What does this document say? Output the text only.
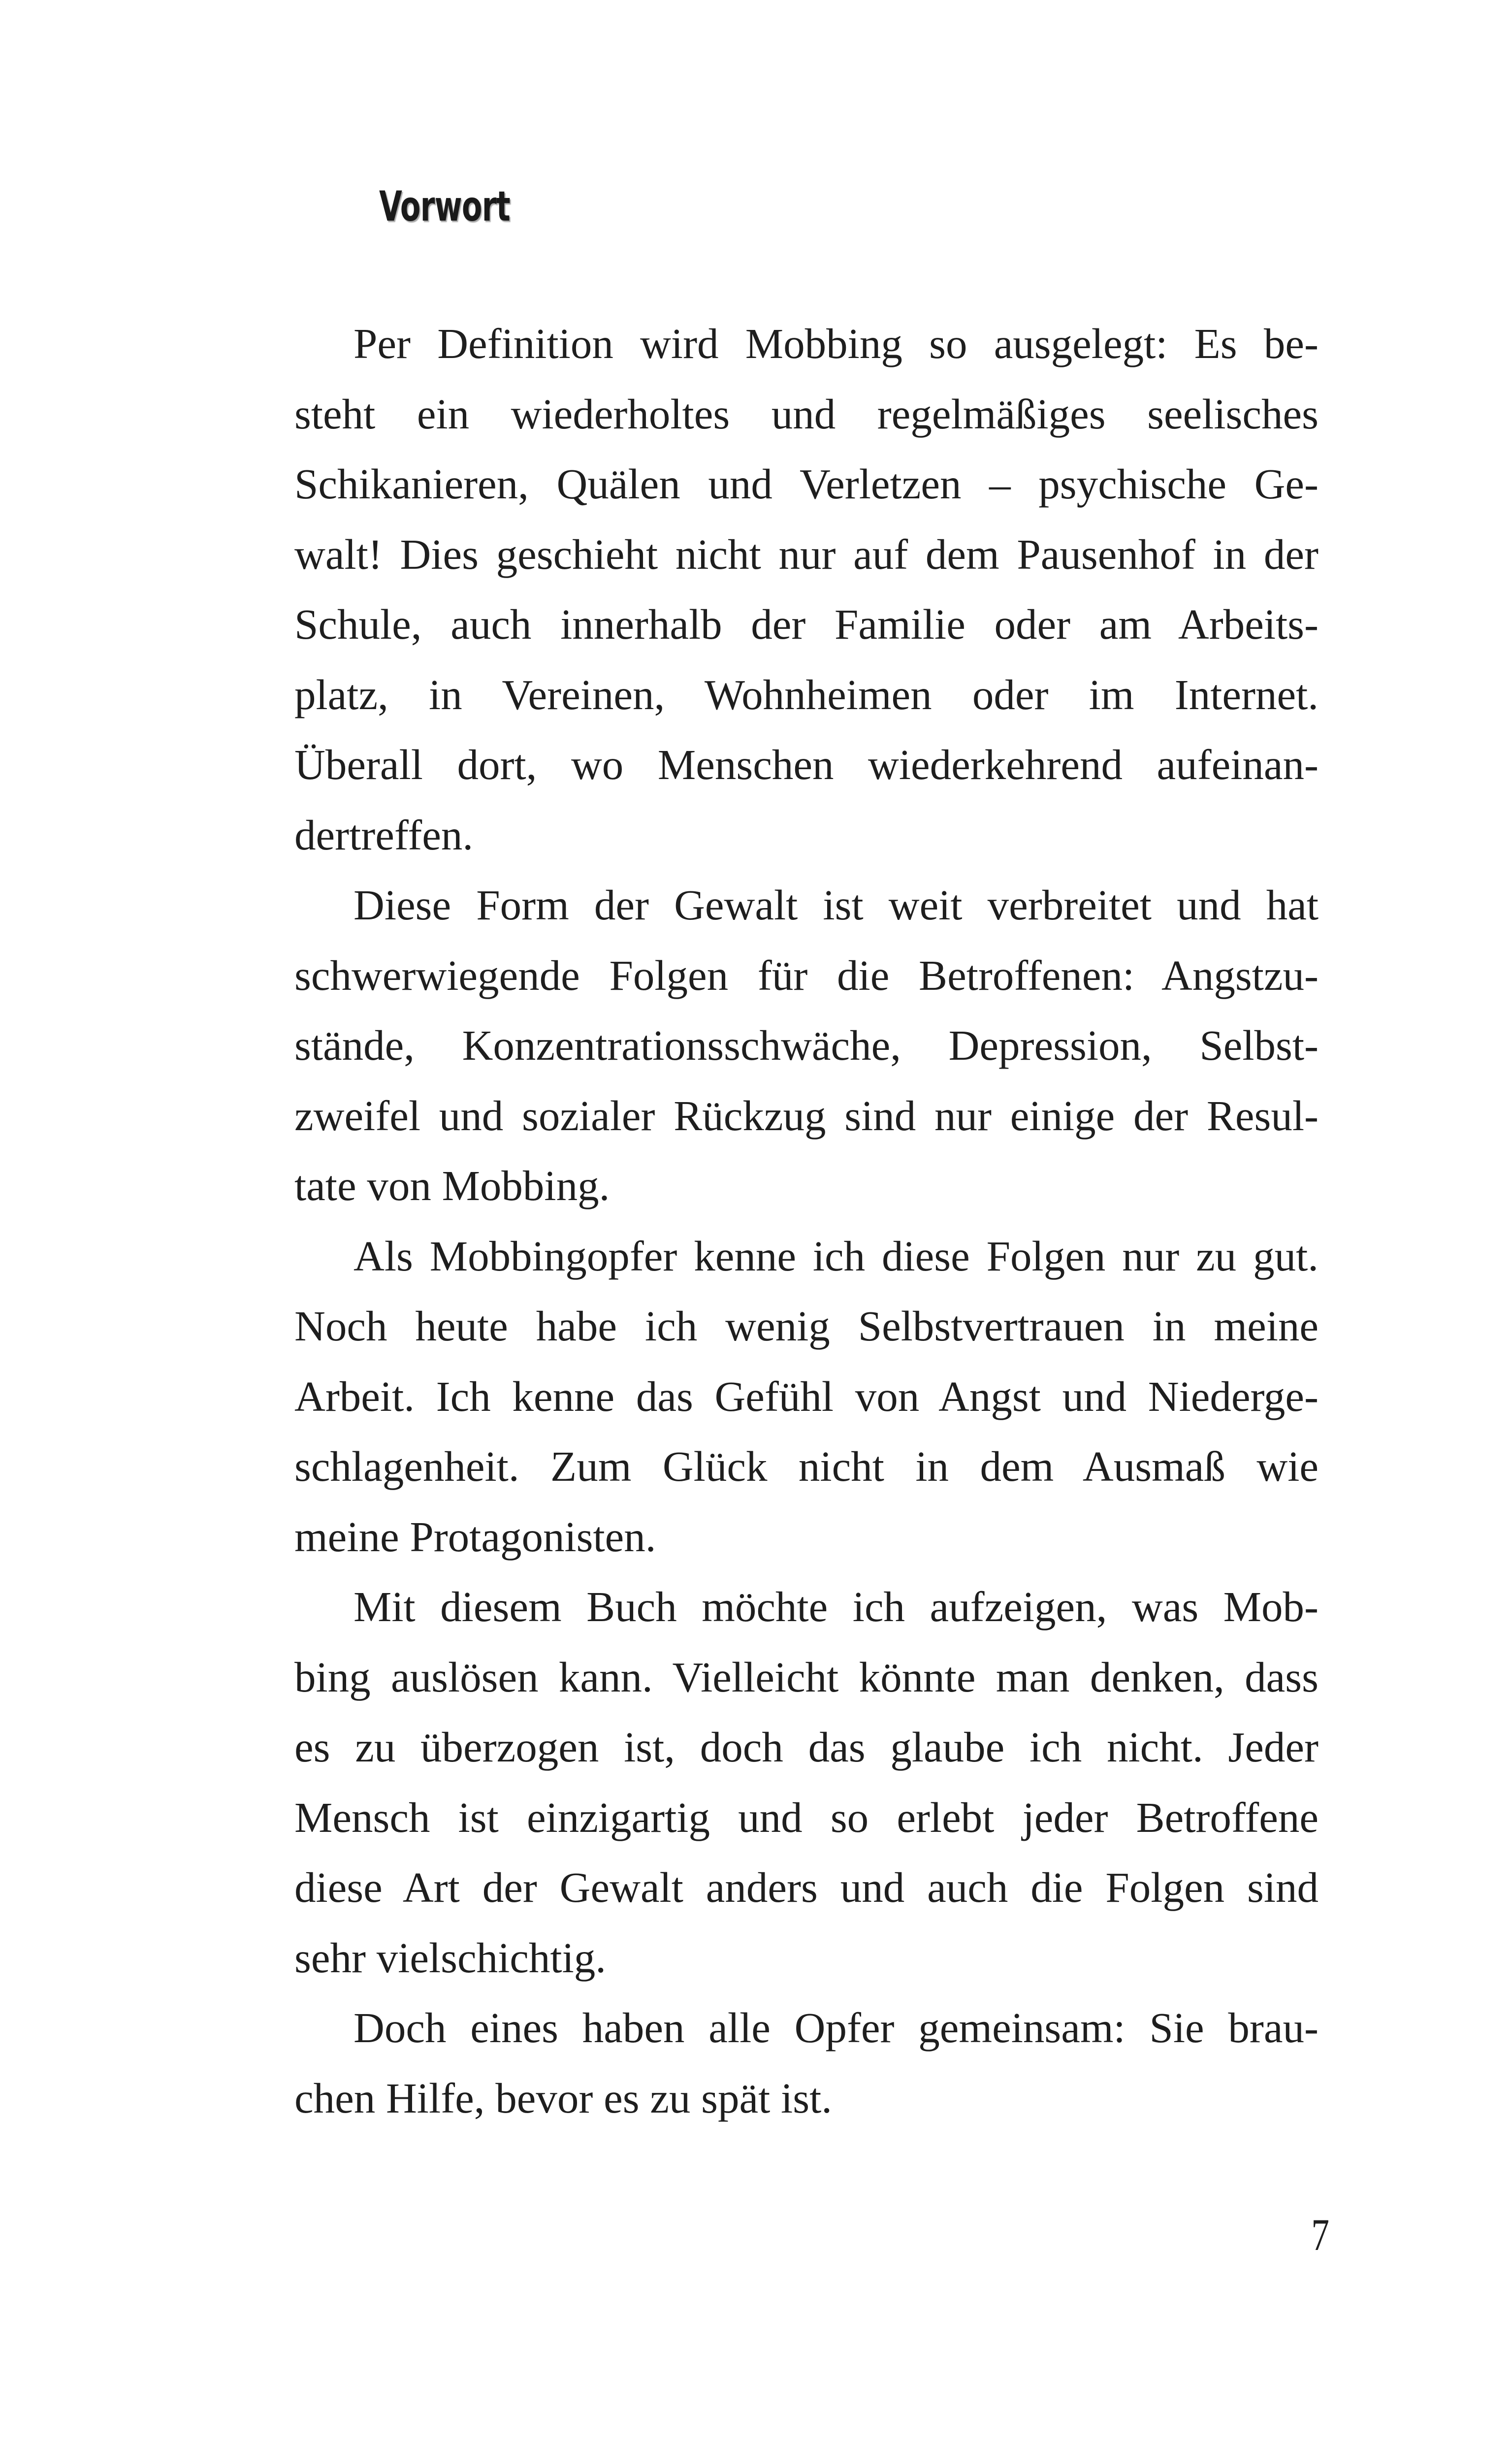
Vorwort
Per Definition wird Mobbing so ausgelegt: Es be-
steht ein wiederholtes und regelmäßiges seelisches
Schikanieren, Quälen und Verletzen – psychische Ge-
walt! Dies geschieht nicht nur auf dem Pausenhof in der
Schule, auch innerhalb der Familie oder am Arbeits-
platz, in Vereinen, Wohnheimen oder im Internet.
Überall dort, wo Menschen wiederkehrend aufeinan-
dertreffen.
Diese Form der Gewalt ist weit verbreitet und hat
schwerwiegende Folgen für die Betroffenen: Angstzu-
stände, Konzentrationsschwäche, Depression, Selbst-
zweifel und sozialer Rückzug sind nur einige der Resul-
tate von Mobbing.
Als Mobbingopfer kenne ich diese Folgen nur zu gut.
Noch heute habe ich wenig Selbstvertrauen in meine
Arbeit. Ich kenne das Gefühl von Angst und Niederge-
schlagenheit. Zum Glück nicht in dem Ausmaß wie
meine Protagonisten.
Mit diesem Buch möchte ich aufzeigen, was Mob-
bing auslösen kann. Vielleicht könnte man denken, dass
es zu überzogen ist, doch das glaube ich nicht. Jeder
Mensch ist einzigartig und so erlebt jeder Betroffene
diese Art der Gewalt anders und auch die Folgen sind
sehr vielschichtig.
Doch eines haben alle Opfer gemeinsam: Sie brau-
chen Hilfe, bevor es zu spät ist.
7
